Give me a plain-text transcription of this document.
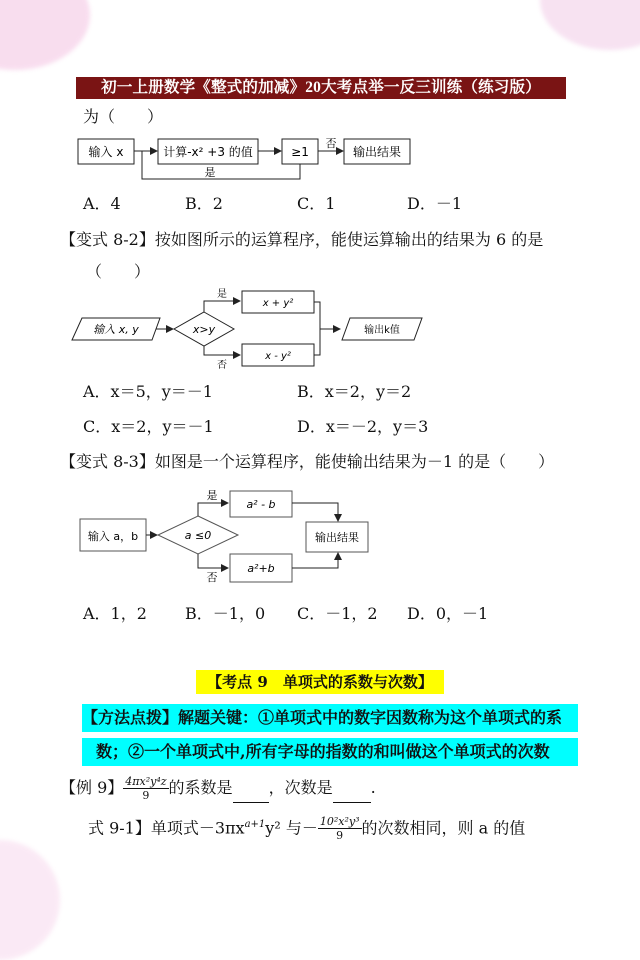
初一上册数学《整式的加减》20大考点举一反三训练（练习版）
为（　　）
输入 x	计算-x² +3 的值	≥1
否
是
输出结果
A．4	B．2	C．1	D．－1
【变式 8-2】按如图所示的运算程序，能使运算输出的结果为 6 的是
（　　）
输入 x, y	x>y
是
否
x + y²
x - y²
输出k值
A．x＝5，y＝－1	B．x＝2，y＝2
C．x＝2，y＝－1	D．x＝－2，y＝3
【变式 8-3】如图是一个运算程序，能使输出结果为－1 的是（　　）
输入 a，b	a ≤0
是
否
a² - b
a²+b
输出结果
A．1，2 B．－1，0 C．－1，2 D．0，－1
【考点 9　单项式的系数与次数】
【方法点拨】解题关键：①单项式中的数字因数称为这个单项式的系
数；②一个单项式中,所有字母的指数的和叫做这个单项式的次数
【例 9】 $\frac{\text{4πx²y⁴z}}{9}$ 的系数是 ，次数是 .
式 9-1】单项式$-3\pi x^{a+1}y^2$ 与－ $\frac{\text{10²x²y³}}{9}$ 的次数相同，则 a 的值
